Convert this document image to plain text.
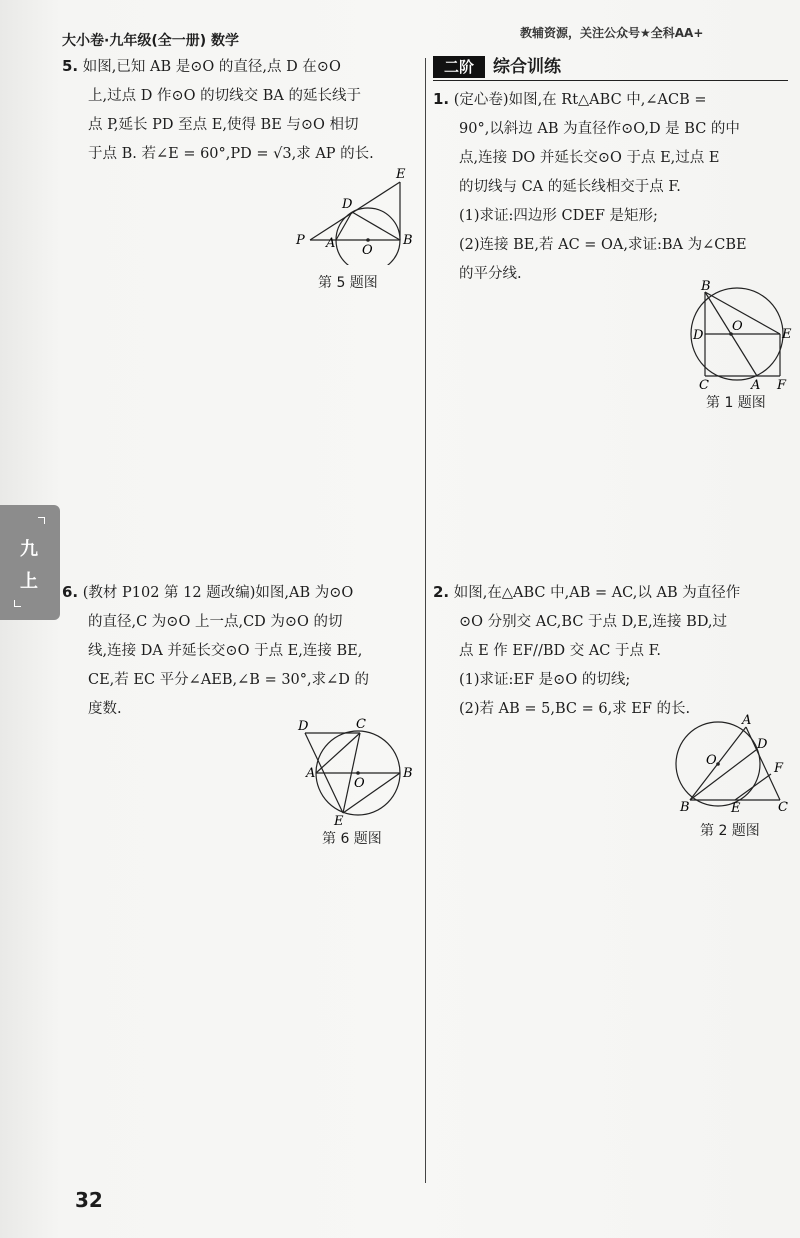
大小卷·九年级(全一册) 数学	教辅资源，关注公众号★全科AA+
九
上
5. 如图,已知 AB 是⊙O 的直径,点 D 在⊙O
上,过点 D 作⊙O 的切线交 BA 的延长线于
点 P,延长 PD 至点 E,使得 BE 与⊙O 相切
于点 B. 若∠E = 60°,PD = √3,求 AP 的长.
E
D
P A O
B
第 5 题图
6. (教材 P102 第 12 题改编)如图,AB 为⊙O
的直径,C 为⊙O 上一点,CD 为⊙O 的切
线,连接 DA 并延长交⊙O 于点 E,连接 BE,
CE,若 EC 平分∠AEB,∠B = 30°,求∠D 的
度数.
D	C
A
O
B
E
第 6 题图
二阶	综合训练
1. (定心卷)如图,在 Rt△ABC 中,∠ACB =
90°,以斜边 AB 为直径作⊙O,D 是 BC 的中
点,连接 DO 并延长交⊙O 于点 E,过点 E
的切线与 CA 的延长线相交于点 F.
(1)求证:四边形 CDEF 是矩形;
(2)连接 BE,若 AC = OA,求证:BA 为∠CBE
的平分线.
B
D
O
E
C	A F
第 1 题图
2. 如图,在△ABC 中,AB = AC,以 AB 为直径作
⊙O 分别交 AC,BC 于点 D,E,连接 BD,过
点 E 作 EF//BD 交 AC 于点 F.
(1)求证:EF 是⊙O 的切线;
(2)若 AB = 5,BC = 6,求 EF 的长.
A
D
O
F
B	E	C
第 2 题图
32
